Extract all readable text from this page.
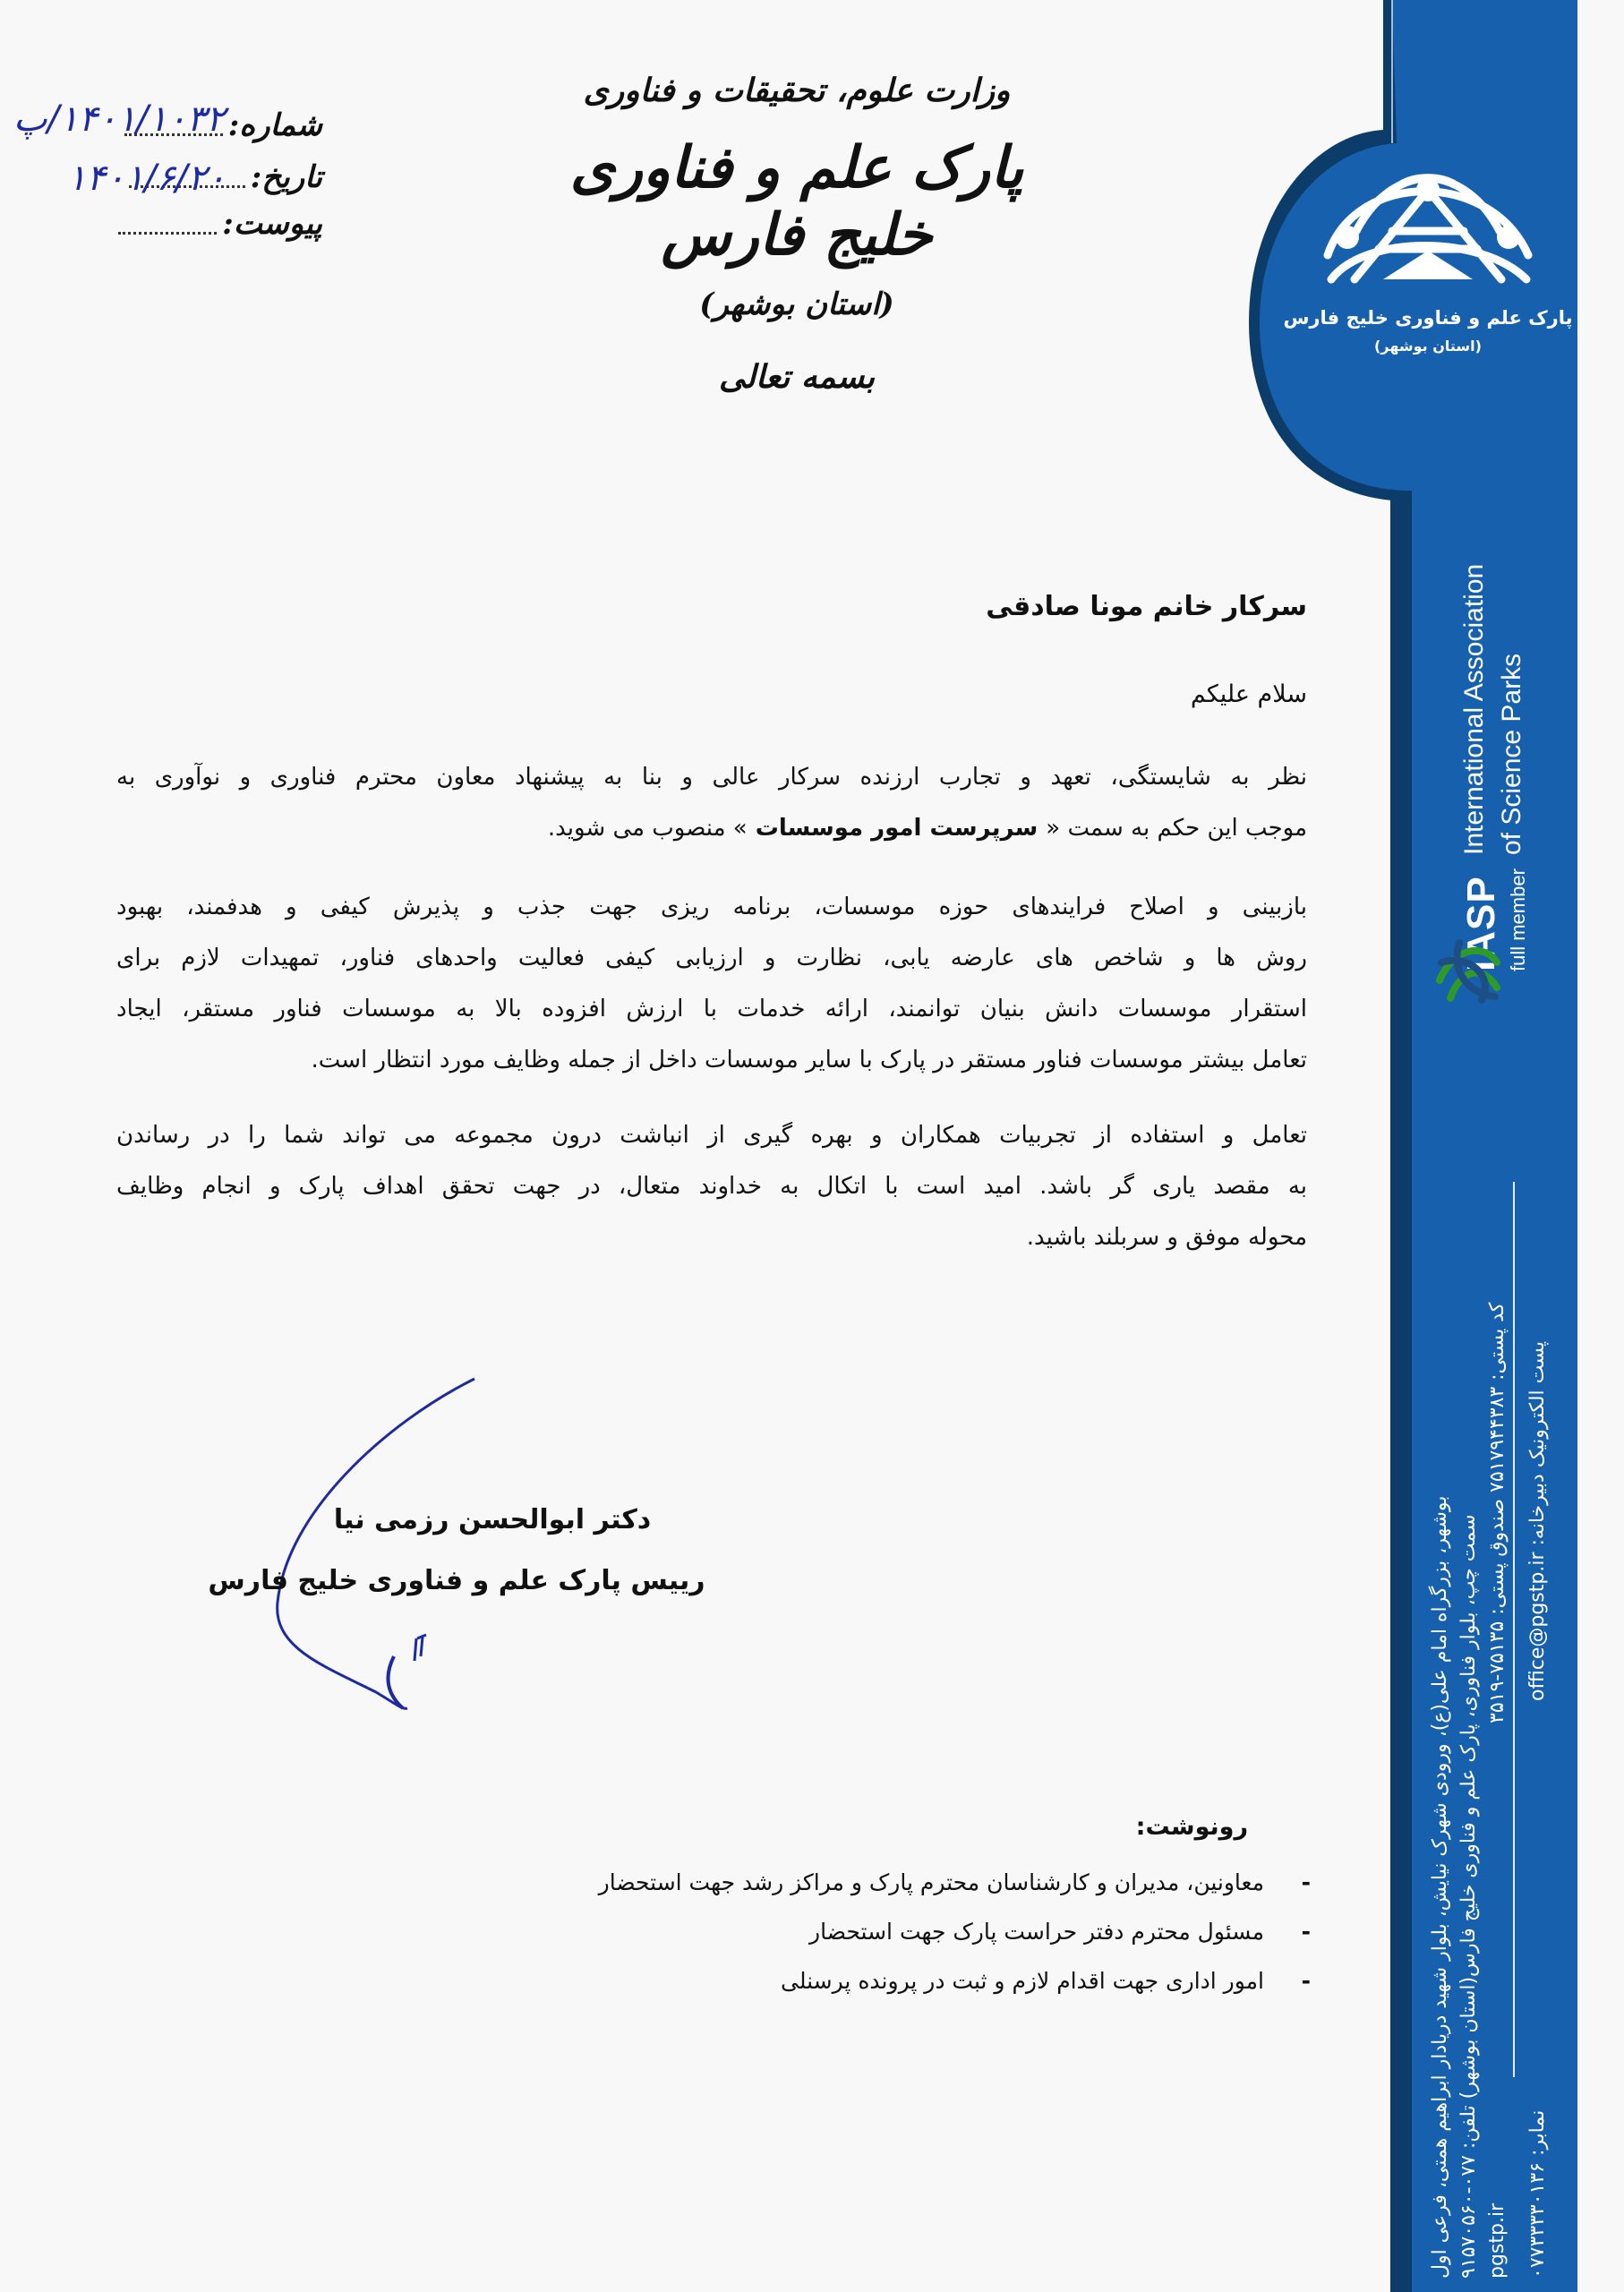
شماره:
۱۴۰۱/۱۰۳۲/پ
تاریخ:
۱۴۰۱/۶/۲۰
پیوست:
وزارت علوم، تحقیقات و فناوری
پارک علم و فناوری خلیج فارس
(استان بوشهر)
بسمه تعالی
پارک علم و فناوری خلیج فارس
(استان بوشهر)
IASP
International Association
full member
of Science Parks
بوشهر، بزرگراه امام علی(ع)، ورودی شهرک نیایش، بلوار شهید دریادار ابراهیم همتی، فرعی اول سمت چپ، بلوار فناوری، پارک علم و فناوری خلیج فارس(استان بوشهر) تلفن: ۰۷۷-۹۱۵۷۰۵۶۰ کد پستی: ۷۵۱۷۹۴۴۳۸۳ صندوق پستی: ۷۵۱۳۵-۳۵۱۹
pgstp.ir
پست الکترونیک دبیرخانه: office@pgstp.ir
نمابر: ۰۷۷۳۳۳۳۰۱۳۶
سرکار خانم مونا صادقی
سلام علیکم
نظر به شایستگی، تعهد و تجارب ارزنده سرکار عالی و بنا به پیشنهاد معاون محترم فناوری و نوآوری به
موجب این حکم به سمت « سرپرست امور موسسات » منصوب می شوید.
بازبینی و اصلاح فرایندهای حوزه موسسات، برنامه ریزی جهت جذب و پذیرش کیفی و هدفمند، بهبود
روش ها و شاخص های عارضه یابی، نظارت و ارزیابی کیفی فعالیت واحدهای فناور، تمهیدات لازم برای
استقرار موسسات دانش بنیان توانمند، ارائه خدمات با ارزش افزوده بالا به موسسات فناور مستقر، ایجاد
تعامل بیشتر موسسات فناور مستقر در پارک با سایر موسسات داخل از جمله وظایف مورد انتظار است.
تعامل و استفاده از تجربیات همکاران و بهره گیری از انباشت درون مجموعه می تواند شما را در رساندن
به مقصد یاری گر باشد. امید است با اتکال به خداوند متعال، در جهت تحقق اهداف پارک و انجام وظایف
محوله موفق و سربلند باشید.
دکتر ابوالحسن رزمی نیا
رییس پارک علم و فناوری خلیج فارس
رونوشت:
-
معاونین، مدیران و کارشناسان محترم پارک و مراکز رشد جهت استحضار
-
مسئول محترم دفتر حراست پارک جهت استحضار
-
امور اداری جهت اقدام لازم و ثبت در پرونده پرسنلی
